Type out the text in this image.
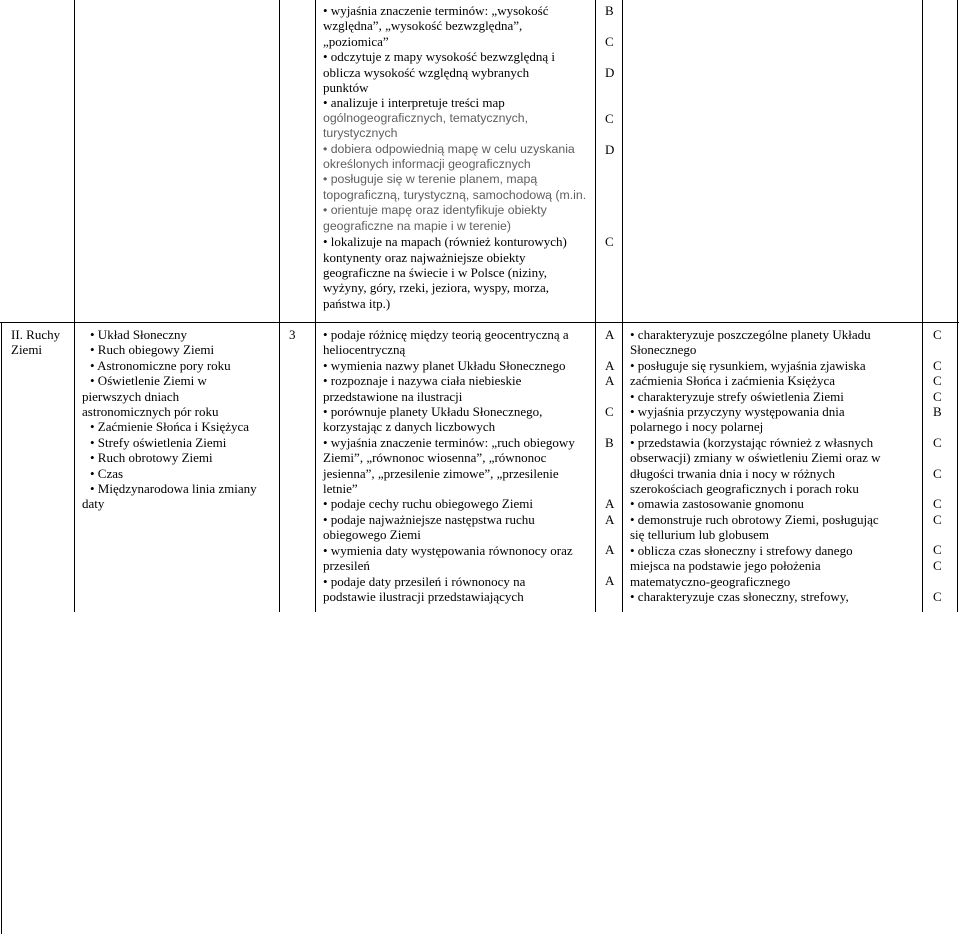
• wyjaśnia znaczenie terminów: „wysokość
względna”, „wysokość bezwzględna”,
„poziomica”
• odczytuje z mapy wysokość bezwzględną i
oblicza wysokość względną wybranych
punktów
• analizuje i interpretuje treści map
ogólnogeograficznych, tematycznych,
turystycznych
• dobiera odpowiednią mapę w celu uzyskania
określonych informacji geograficznych
• posługuje się w terenie planem, mapą
topograficzną, turystyczną, samochodową (m.in.
• orientuje mapę oraz identyfikuje obiekty
geograficzne na mapie i w terenie)
• lokalizuje na mapach (również konturowych)
kontynenty oraz najważniejsze obiekty
geograficzne na świecie i w Polsce (niziny,
wyżyny, góry, rzeki, jeziora, wyspy, morza,
państwa itp.)
B
C
D
C
D
C
II. Ruchy
Ziemi
• Układ Słoneczny
• Ruch obiegowy Ziemi
• Astronomiczne pory roku
• Oświetlenie Ziemi w
pierwszych dniach
astronomicznych pór roku
• Zaćmienie Słońca i Księżyca
• Strefy oświetlenia Ziemi
• Ruch obrotowy Ziemi
• Czas
• Międzynarodowa linia zmiany
daty
3	• podaje różnicę między teorią geocentryczną a
heliocentryczną
• wymienia nazwy planet Układu Słonecznego
• rozpoznaje i nazywa ciała niebieskie
przedstawione na ilustracji
• porównuje planety Układu Słonecznego,
korzystając z danych liczbowych
• wyjaśnia znaczenie terminów: „ruch obiegowy
Ziemi”, „równonoc wiosenna”, „równonoc
jesienna”, „przesilenie zimowe”, „przesilenie
letnie”
• podaje cechy ruchu obiegowego Ziemi
• podaje najważniejsze następstwa ruchu
obiegowego Ziemi
• wymienia daty występowania równonocy oraz
przesileń
• podaje daty przesileń i równonocy na
podstawie ilustracji przedstawiających
A
A
A
C
B
A
A
A
A
• charakteryzuje poszczególne planety Układu
Słonecznego
• posługuje się rysunkiem, wyjaśnia zjawiska
zaćmienia Słońca i zaćmienia Księżyca
• charakteryzuje strefy oświetlenia Ziemi
• wyjaśnia przyczyny występowania dnia
polarnego i nocy polarnej
• przedstawia (korzystając również z własnych
obserwacji) zmiany w oświetleniu Ziemi oraz w
długości trwania dnia i nocy w różnych
szerokościach geograficznych i porach roku
• omawia zastosowanie gnomonu
• demonstruje ruch obrotowy Ziemi, posługując
się tellurium lub globusem
• oblicza czas słoneczny i strefowy danego
miejsca na podstawie jego położenia
matematyczno-geograficznego
• charakteryzuje czas słoneczny, strefowy,
C
C
C
C
B
C
C
C
C
C
C
C
